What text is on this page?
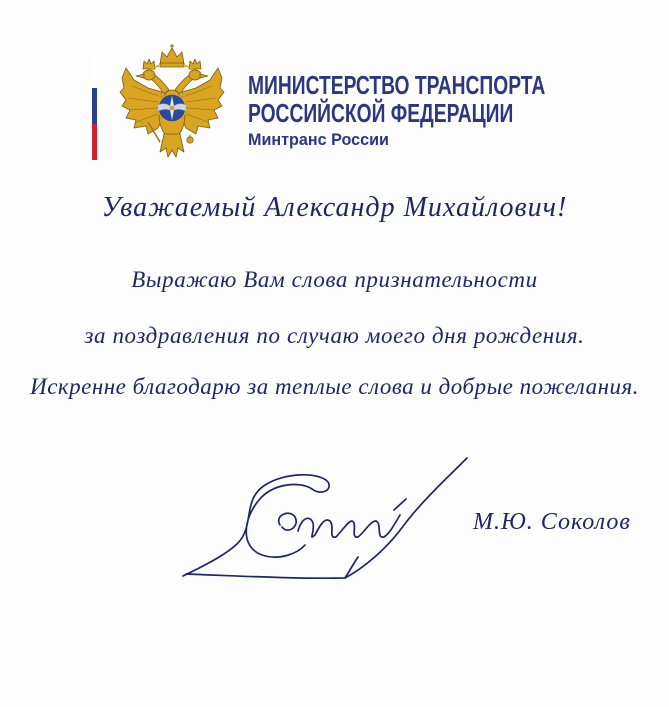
МИНИСТЕРСТВО ТРАНСПОРТА
РОССИЙСКОЙ ФЕДЕРАЦИИ
Минтранс России
Уважаемый Александр Михайлович!
Выражаю Вам слова признательности
за поздравления по случаю моего дня рождения.
Искренне благодарю за теплые слова и добрые пожелания.
М.Ю. Соколов
